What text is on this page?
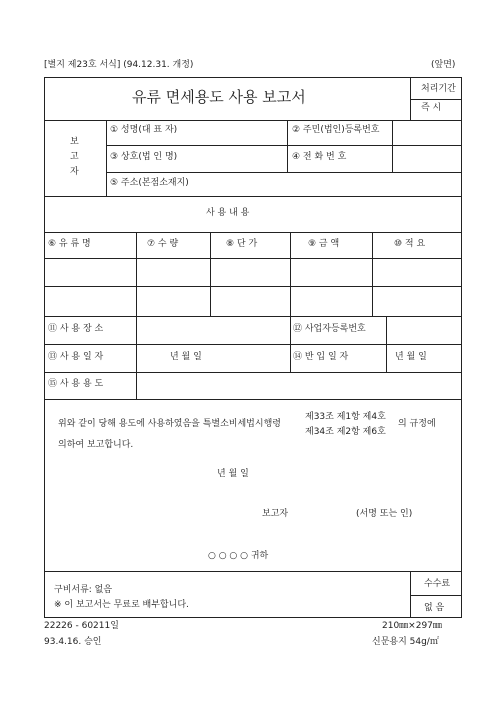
[별지 제23호 서식] (94.12.31. 개정)	(앞면)
유류 면세용도 사용 보고서	처리기간
즉 시
보
고
자
① 성명(대 표 자)	② 주민(법인)등록번호
③ 상호(법 인 명)	④ 전 화 번 호
⑤ 주소(본점소재지)
사 용 내 용
⑥ 유 류 명	⑦ 수 량	⑧ 단 가	⑨ 금 액	⑩ 적 요
⑪ 사 용 장 소	⑫ 사업자등록번호
⑬ 사 용 일 자	년 월 일	⑭ 반 입 일 자	년 월 일
⑮ 사 용 용 도
위와 같이 당해 용도에 사용하였음을 특별소비세법시행령
제33조 제1항 제4호
제34조 제2항 제6호
의 규정에
의하여 보고합니다.
년 월 일
보고자	(서명 또는 인)
○ ○ ○ ○ 귀하
구비서류: 없음
※ 이 보고서는 무료로 배부합니다.
수수료
없 음
22226 - 60211일
93.4.16. 승인
210㎜×297㎜
신문용지 54g/㎡
